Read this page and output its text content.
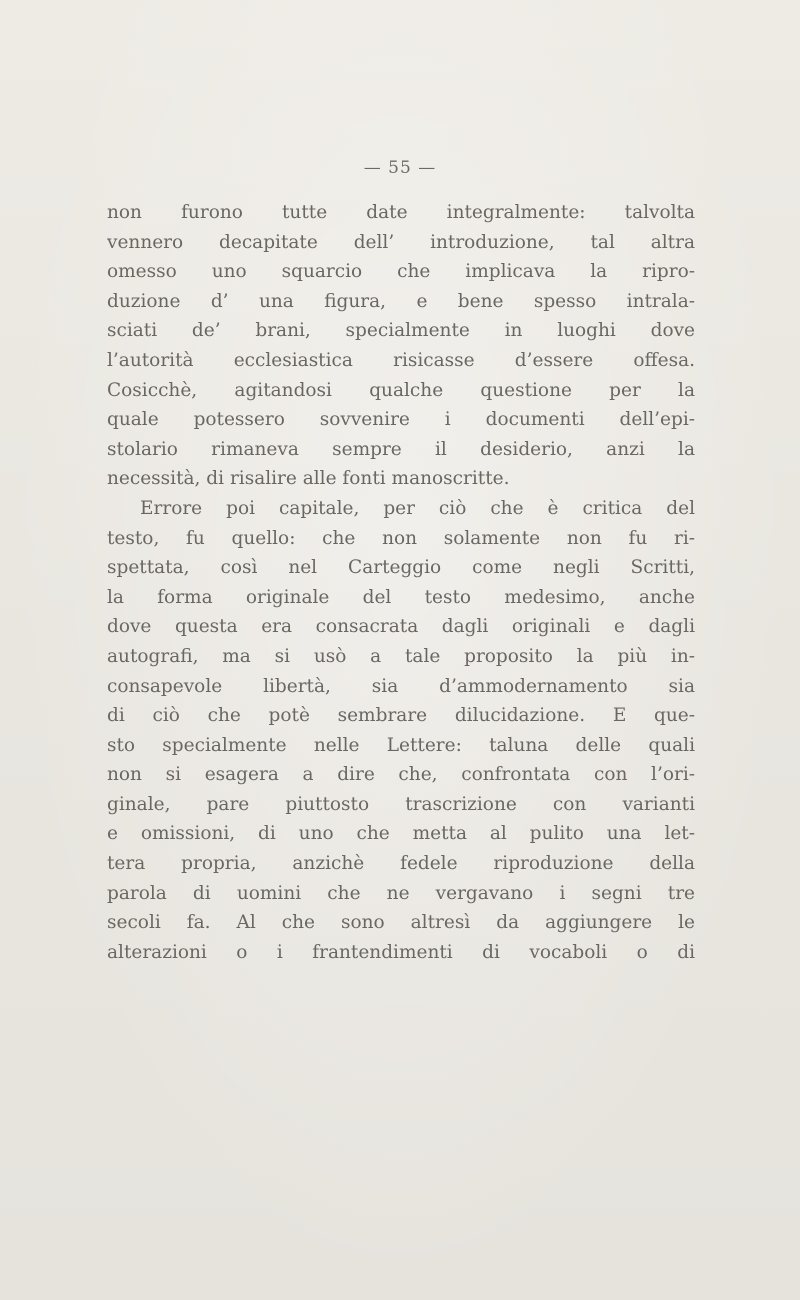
— 55 —
non furono tutte date integralmente: talvolta
vennero decapitate dell’ introduzione, tal altra
omesso uno squarcio che implicava la ripro-
duzione d’ una figura, e bene spesso intrala-
sciati de’ brani, specialmente in luoghi dove
l’autorità ecclesiastica risicasse d’essere offesa.
Cosicchè, agitandosi qualche questione per la
quale potessero sovvenire i documenti dell’epi-
stolario rimaneva sempre il desiderio, anzi la
necessità, di risalire alle fonti manoscritte.
Errore poi capitale, per ciò che è critica del
testo, fu quello: che non solamente non fu ri-
spettata, così nel Carteggio come negli Scritti,
la forma originale del testo medesimo, anche
dove questa era consacrata dagli originali e dagli
autografi, ma si usò a tale proposito la più in-
consapevole libertà, sia d’ammodernamento sia
di ciò che potè sembrare dilucidazione. E que-
sto specialmente nelle Lettere: taluna delle quali
non si esagera a dire che, confrontata con l’ori-
ginale, pare piuttosto trascrizione con varianti
e omissioni, di uno che metta al pulito una let-
tera propria, anzichè fedele riproduzione della
parola di uomini che ne vergavano i segni tre
secoli fa. Al che sono altresì da aggiungere le
alterazioni o i frantendimenti di vocaboli o di
